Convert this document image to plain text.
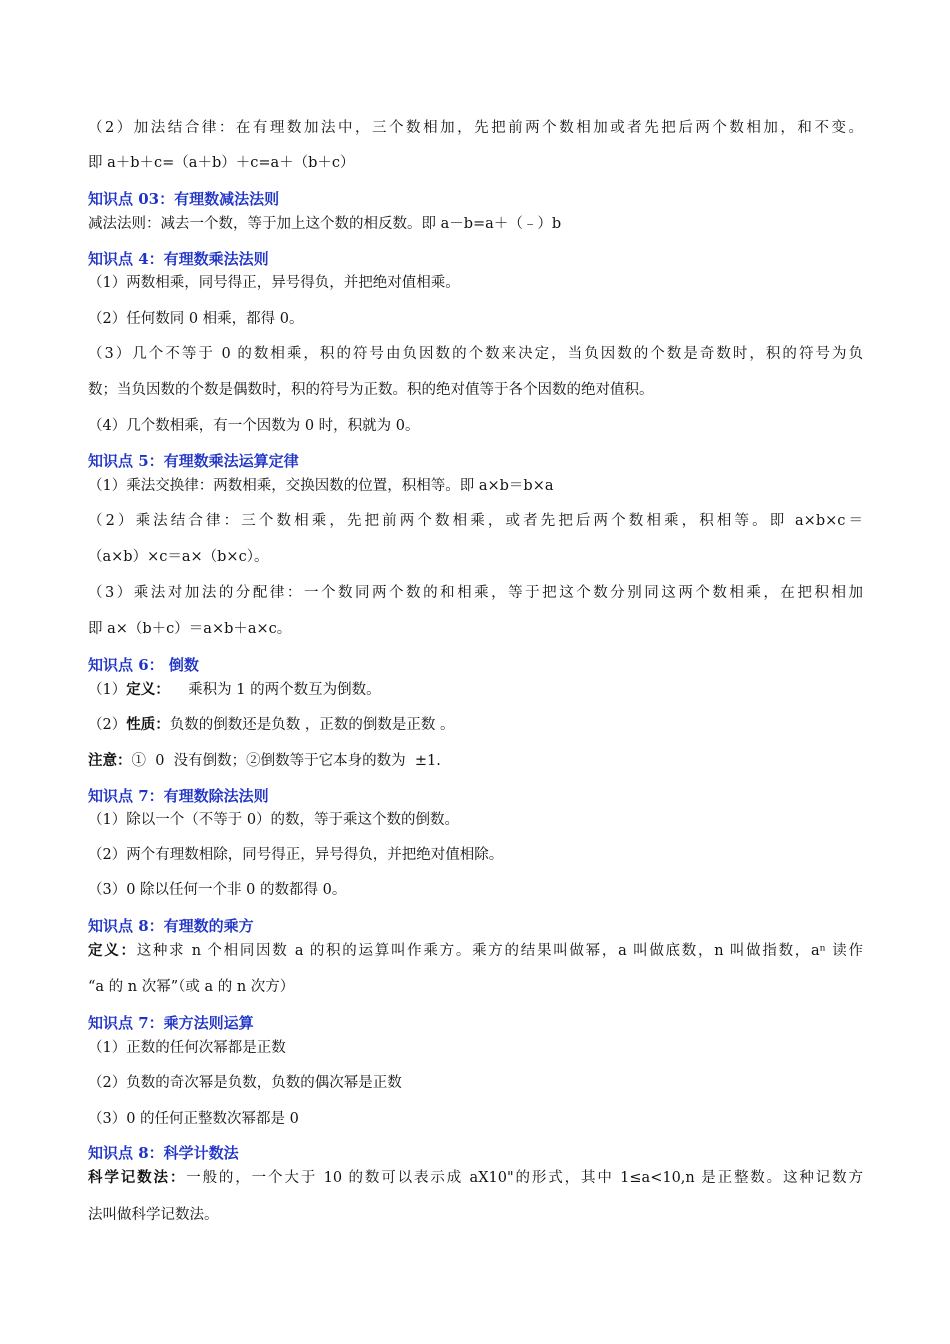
（2）加法结合律：在有理数加法中，三个数相加，先把前两个数相加或者先把后两个数相加，和不变。
即 a＋b＋c=（a＋b）＋c=a＋（b＋c）
知识点 03：有理数减法法则
减法法则：减去一个数，等于加上这个数的相反数。即 a－b=a＋（﹣）b
知识点 4：有理数乘法法则
（1）两数相乘，同号得正，异号得负，并把绝对值相乘。
（2）任何数同 0 相乘，都得 0。
（3）几个不等于 0 的数相乘，积的符号由负因数的个数来决定，当负因数的个数是奇数时，积的符号为负
数；当负因数的个数是偶数时，积的符号为正数。积的绝对值等于各个因数的绝对值积。
（4）几个数相乘，有一个因数为 0 时，积就为 0。
知识点 5：有理数乘法运算定律
（1）乘法交换律：两数相乘，交换因数的位置，积相等。即 a×b＝b×a
（2）乘法结合律：三个数相乘，先把前两个数相乘，或者先把后两个数相乘，积相等。即 a×b×c＝
（a×b）×c＝a×（b×c）。
（3）乘法对加法的分配律：一个数同两个数的和相乘，等于把这个数分别同这两个数相乘，在把积相加
即 a×（b＋c）＝a×b＋a×c。
知识点 6： 倒数
（1）定义：    乘积为 1 的两个数互为倒数。
（2）性质：负数的倒数还是负数 ，正数的倒数是正数 。
注意：①  0  没有倒数；②倒数等于它本身的数为  ±1.
知识点 7：有理数除法法则
（1）除以一个（不等于 0）的数，等于乘这个数的倒数。
（2）两个有理数相除，同号得正，异号得负，并把绝对值相除。
（3）0 除以任何一个非 0 的数都得 0。
知识点 8：有理数的乘方
定义：这种求 n 个相同因数 a 的积的运算叫作乘方。乘方的结果叫做幂，a 叫做底数，n 叫做指数，aⁿ 读作
“a 的 n 次幂”（或 a 的 n 次方）
知识点 7：乘方法则运算
（1）正数的任何次幂都是正数
（2）负数的奇次幂是负数，负数的偶次幂是正数
（3）0 的任何正整数次幂都是 0
知识点 8：科学计数法
科学记数法：一般的，一个大于 10 的数可以表示成 aX10"的形式，其中 1≤a<10,n 是正整数。这种记数方
法叫做科学记数法。
